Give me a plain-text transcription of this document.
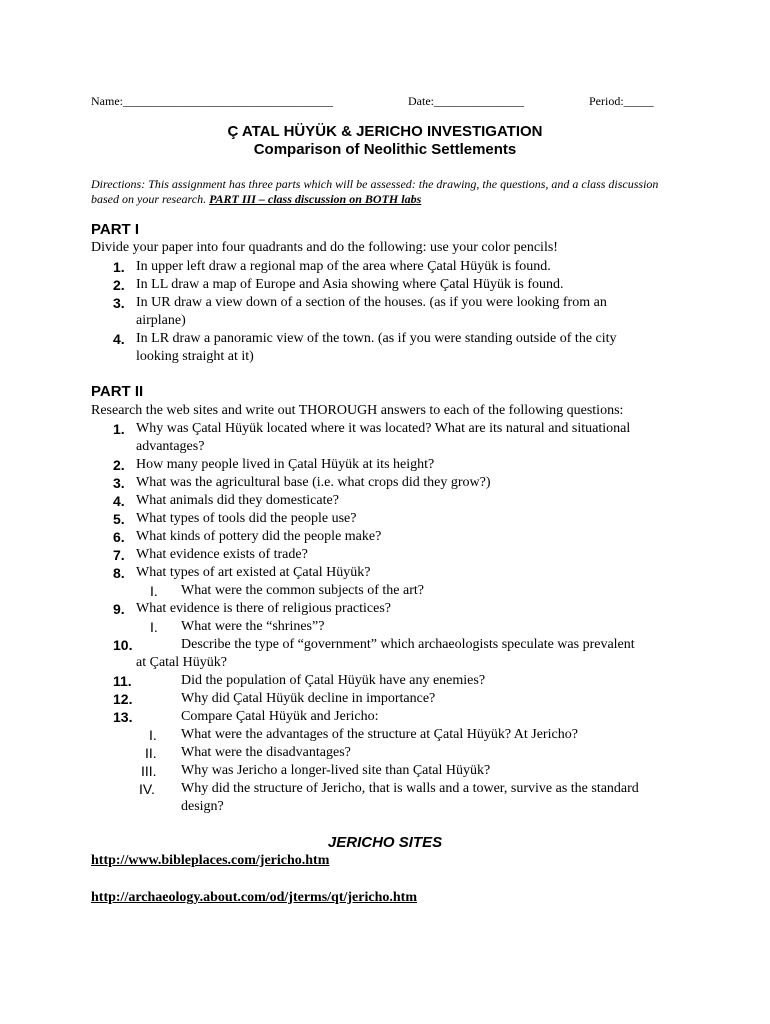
Name:___________________________________	Date:_______________	Period:_____
Ç ATAL HÜYÜK & JERICHO INVESTIGATION
Comparison of Neolithic Settlements
Directions: This assignment has three parts which will be assessed: the drawing, the questions, and a class discussion based on your research. PART III – class discussion on BOTH labs
PART I
Divide your paper into four quadrants and do the following: use your color pencils!
1. In upper left draw a regional map of the area where Çatal Hüyük is found.
2. In LL draw a map of Europe and Asia showing where Çatal Hüyük is found.
3. In UR draw a view down of a section of the houses. (as if you were looking from an
airplane)
4. In LR draw a panoramic view of the town. (as if you were standing outside of the city
looking straight at it)
PART II
Research the web sites and write out THOROUGH answers to each of the following questions:
1. Why was Çatal Hüyük located where it was located? What are its natural and situational
advantages?
2. How many people lived in Çatal Hüyük at its height?
3. What was the agricultural base (i.e. what crops did they grow?)
4. What animals did they domesticate?
5. What types of tools did the people use?
6. What kinds of pottery did the people make?
7. What evidence exists of trade?
8. What types of art existed at Çatal Hüyük?
I. What were the common subjects of the art?
9. What evidence is there of religious practices?
I. What were the “shrines”?
10.	Describe the type of “government” which archaeologists speculate was prevalent
at Çatal Hüyük?
11.	Did the population of Çatal Hüyük have any enemies?
12.	Why did Çatal Hüyük decline in importance?
13.	Compare Çatal Hüyük and Jericho:
I. What were the advantages of the structure at Çatal Hüyük? At Jericho?
II. What were the disadvantages?
III. Why was Jericho a longer-lived site than Çatal Hüyük?
IV. Why did the structure of Jericho, that is walls and a tower, survive as the standard
design?
JERICHO SITES
http://www.bibleplaces.com/jericho.htm
http://archaeology.about.com/od/jterms/qt/jericho.htm
